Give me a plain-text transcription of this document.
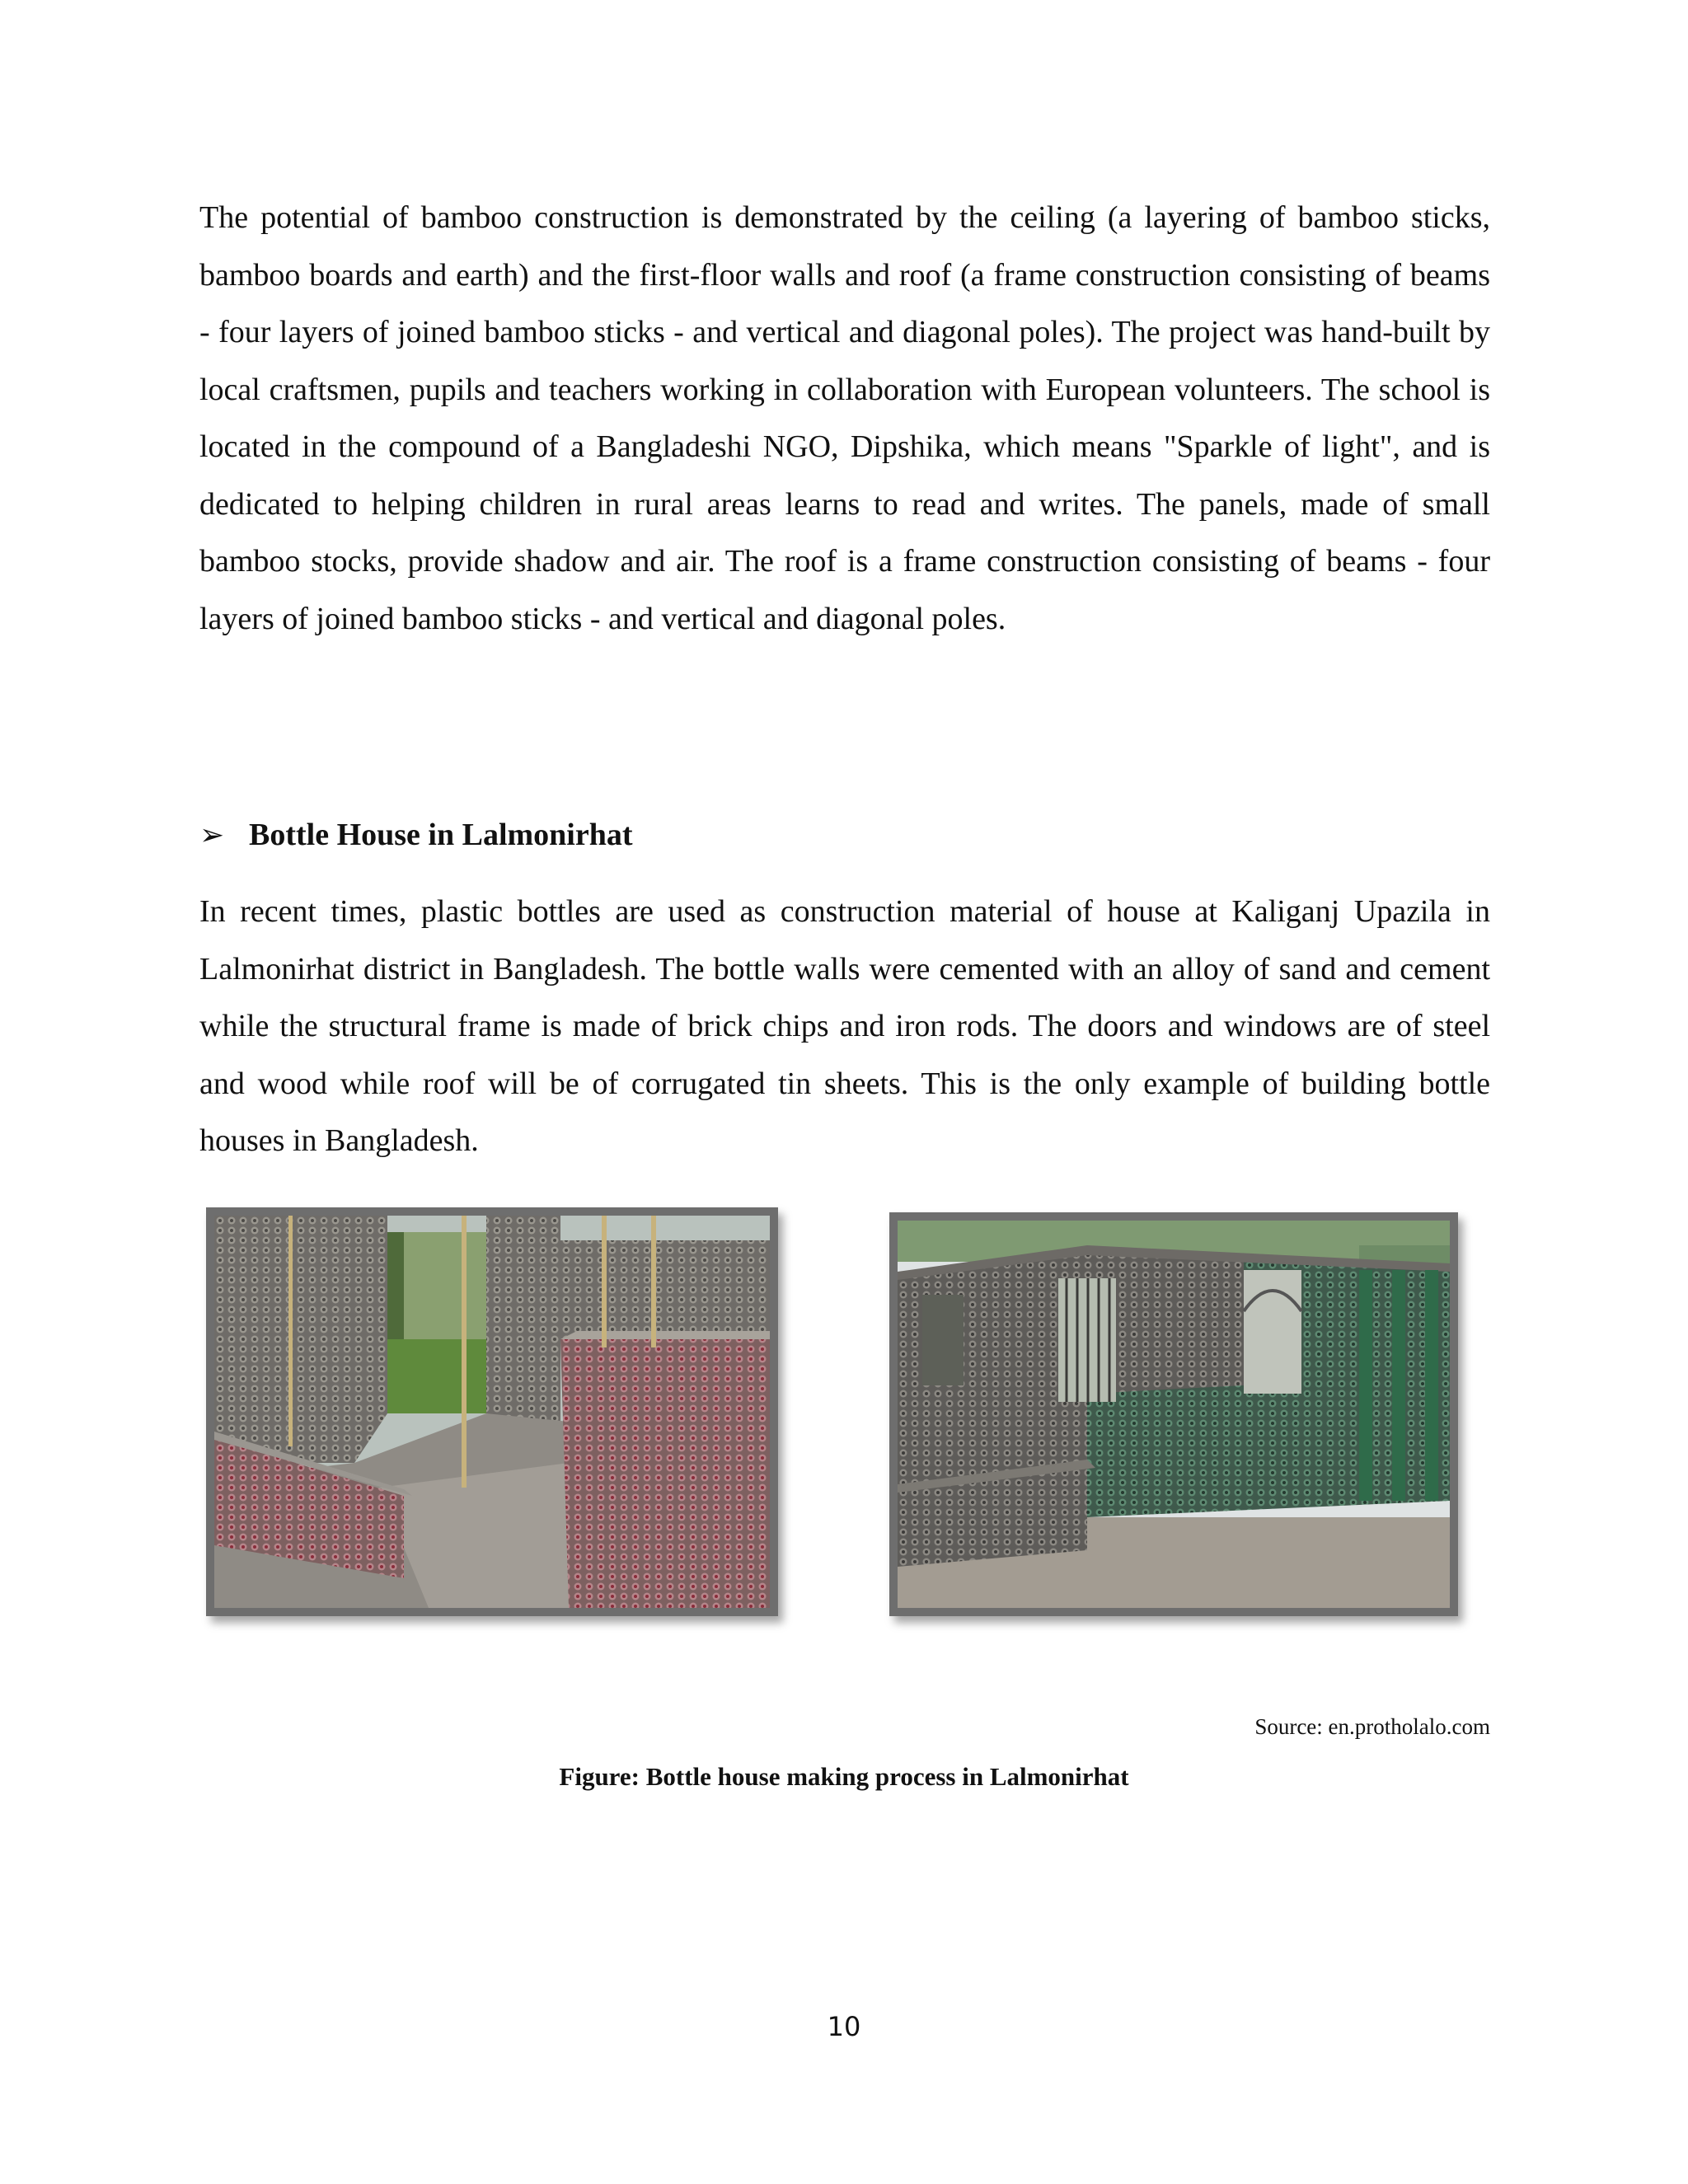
The potential of bamboo construction is demonstrated by the ceiling (a layering of bamboo sticks, bamboo boards and earth) and the first-floor walls and roof (a frame construction consisting of beams - four layers of joined bamboo sticks - and vertical and diagonal poles). The project was hand-built by local craftsmen, pupils and teachers working in collaboration with European volunteers. The school is located in the compound of a Bangladeshi NGO, Dipshika, which means "Sparkle of light", and is dedicated to helping children in rural areas learns to read and writes. The panels, made of small bamboo stocks, provide shadow and air. The roof is a frame construction consisting of beams - four layers of joined bamboo sticks - and vertical and diagonal poles.

➢ Bottle House in Lalmonirhat

In recent times, plastic bottles are used as construction material of house at Kaliganj Upazila in Lalmonirhat district in Bangladesh. The bottle walls were cemented with an alloy of sand and cement while the structural frame is made of brick chips and iron rods. The doors and windows are of steel and wood while roof will be of corrugated tin sheets. This is the only example of building bottle houses in Bangladesh.

Source: en.protholalo.com
Figure: Bottle house making process in Lalmonirhat
10
